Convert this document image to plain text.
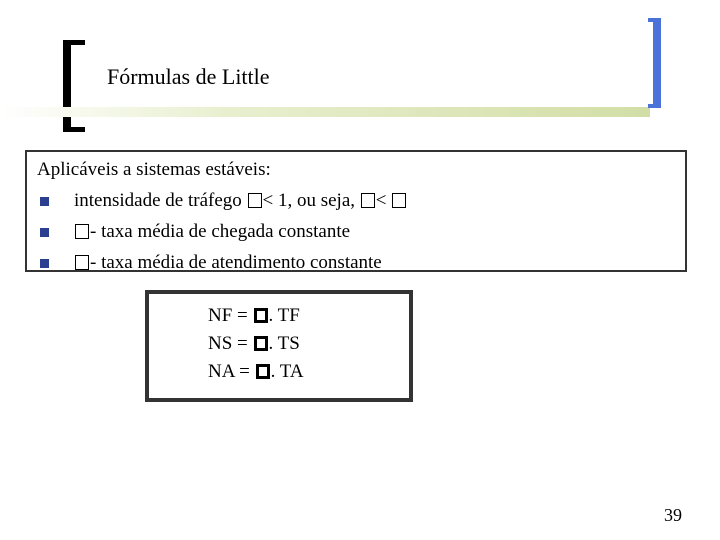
Fórmulas de Little
Aplicáveis a sistemas estáveis:
intensidade de tráfego < 1, ou seja, <
- taxa média de chegada constante
- taxa média de atendimento constante
NF = . TF
NS = . TS
NA = . TA
39
